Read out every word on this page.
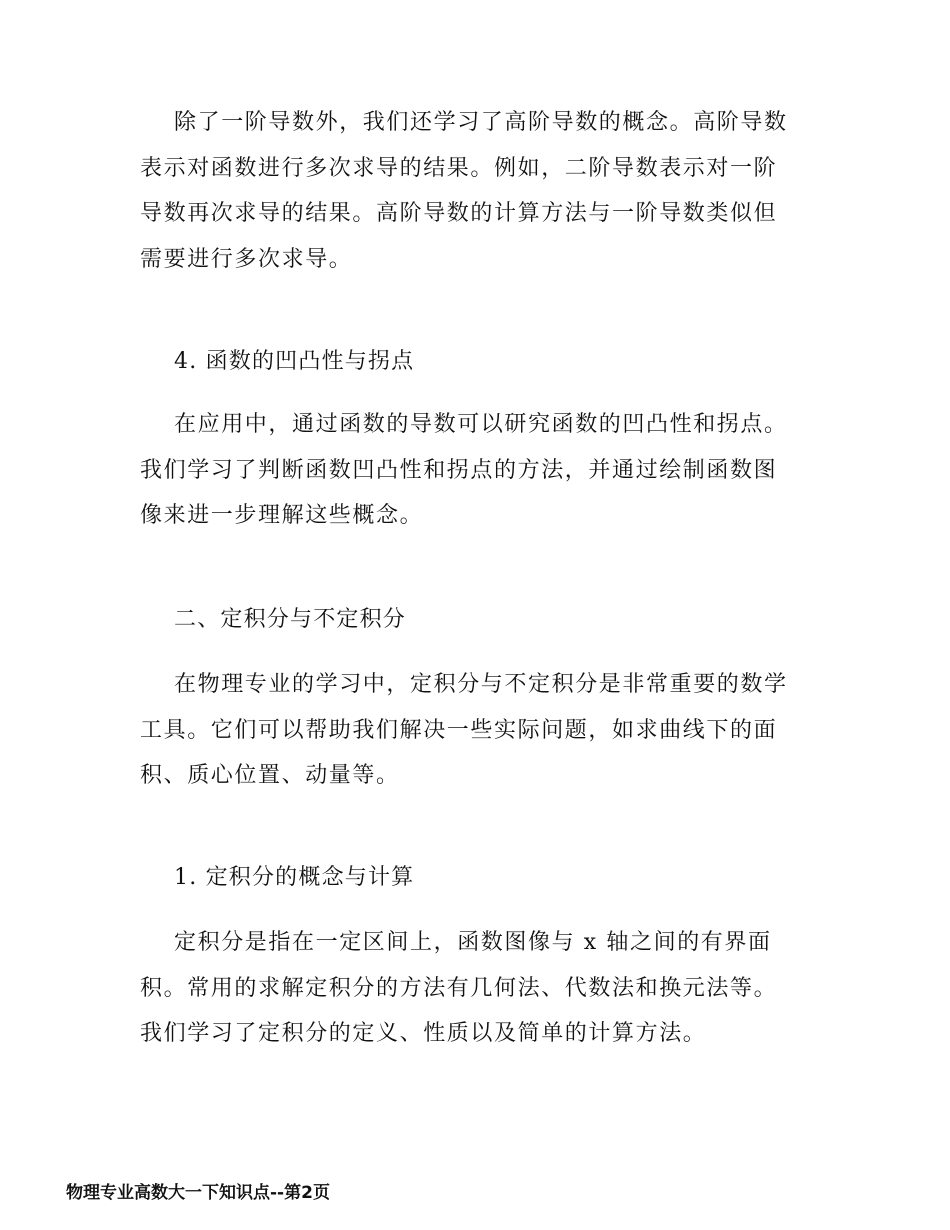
除了一阶导数外，我们还学习了高阶导数的概念。高阶导数表示对函数进行多次求导的结果。例如，二阶导数表示对一阶导数再次求导的结果。高阶导数的计算方法与一阶导数类似但需要进行多次求导。

4. 函数的凹凸性与拐点

在应用中，通过函数的导数可以研究函数的凹凸性和拐点。我们学习了判断函数凹凸性和拐点的方法，并通过绘制函数图像来进一步理解这些概念。

二、定积分与不定积分

在物理专业的学习中，定积分与不定积分是非常重要的数学工具。它们可以帮助我们解决一些实际问题，如求曲线下的面积、质心位置、动量等。

1. 定积分的概念与计算

定积分是指在一定区间上，函数图像与 x 轴之间的有界面积。常用的求解定积分的方法有几何法、代数法和换元法等。我们学习了定积分的定义、性质以及简单的计算方法。

物理专业高数大一下知识点--第2页
